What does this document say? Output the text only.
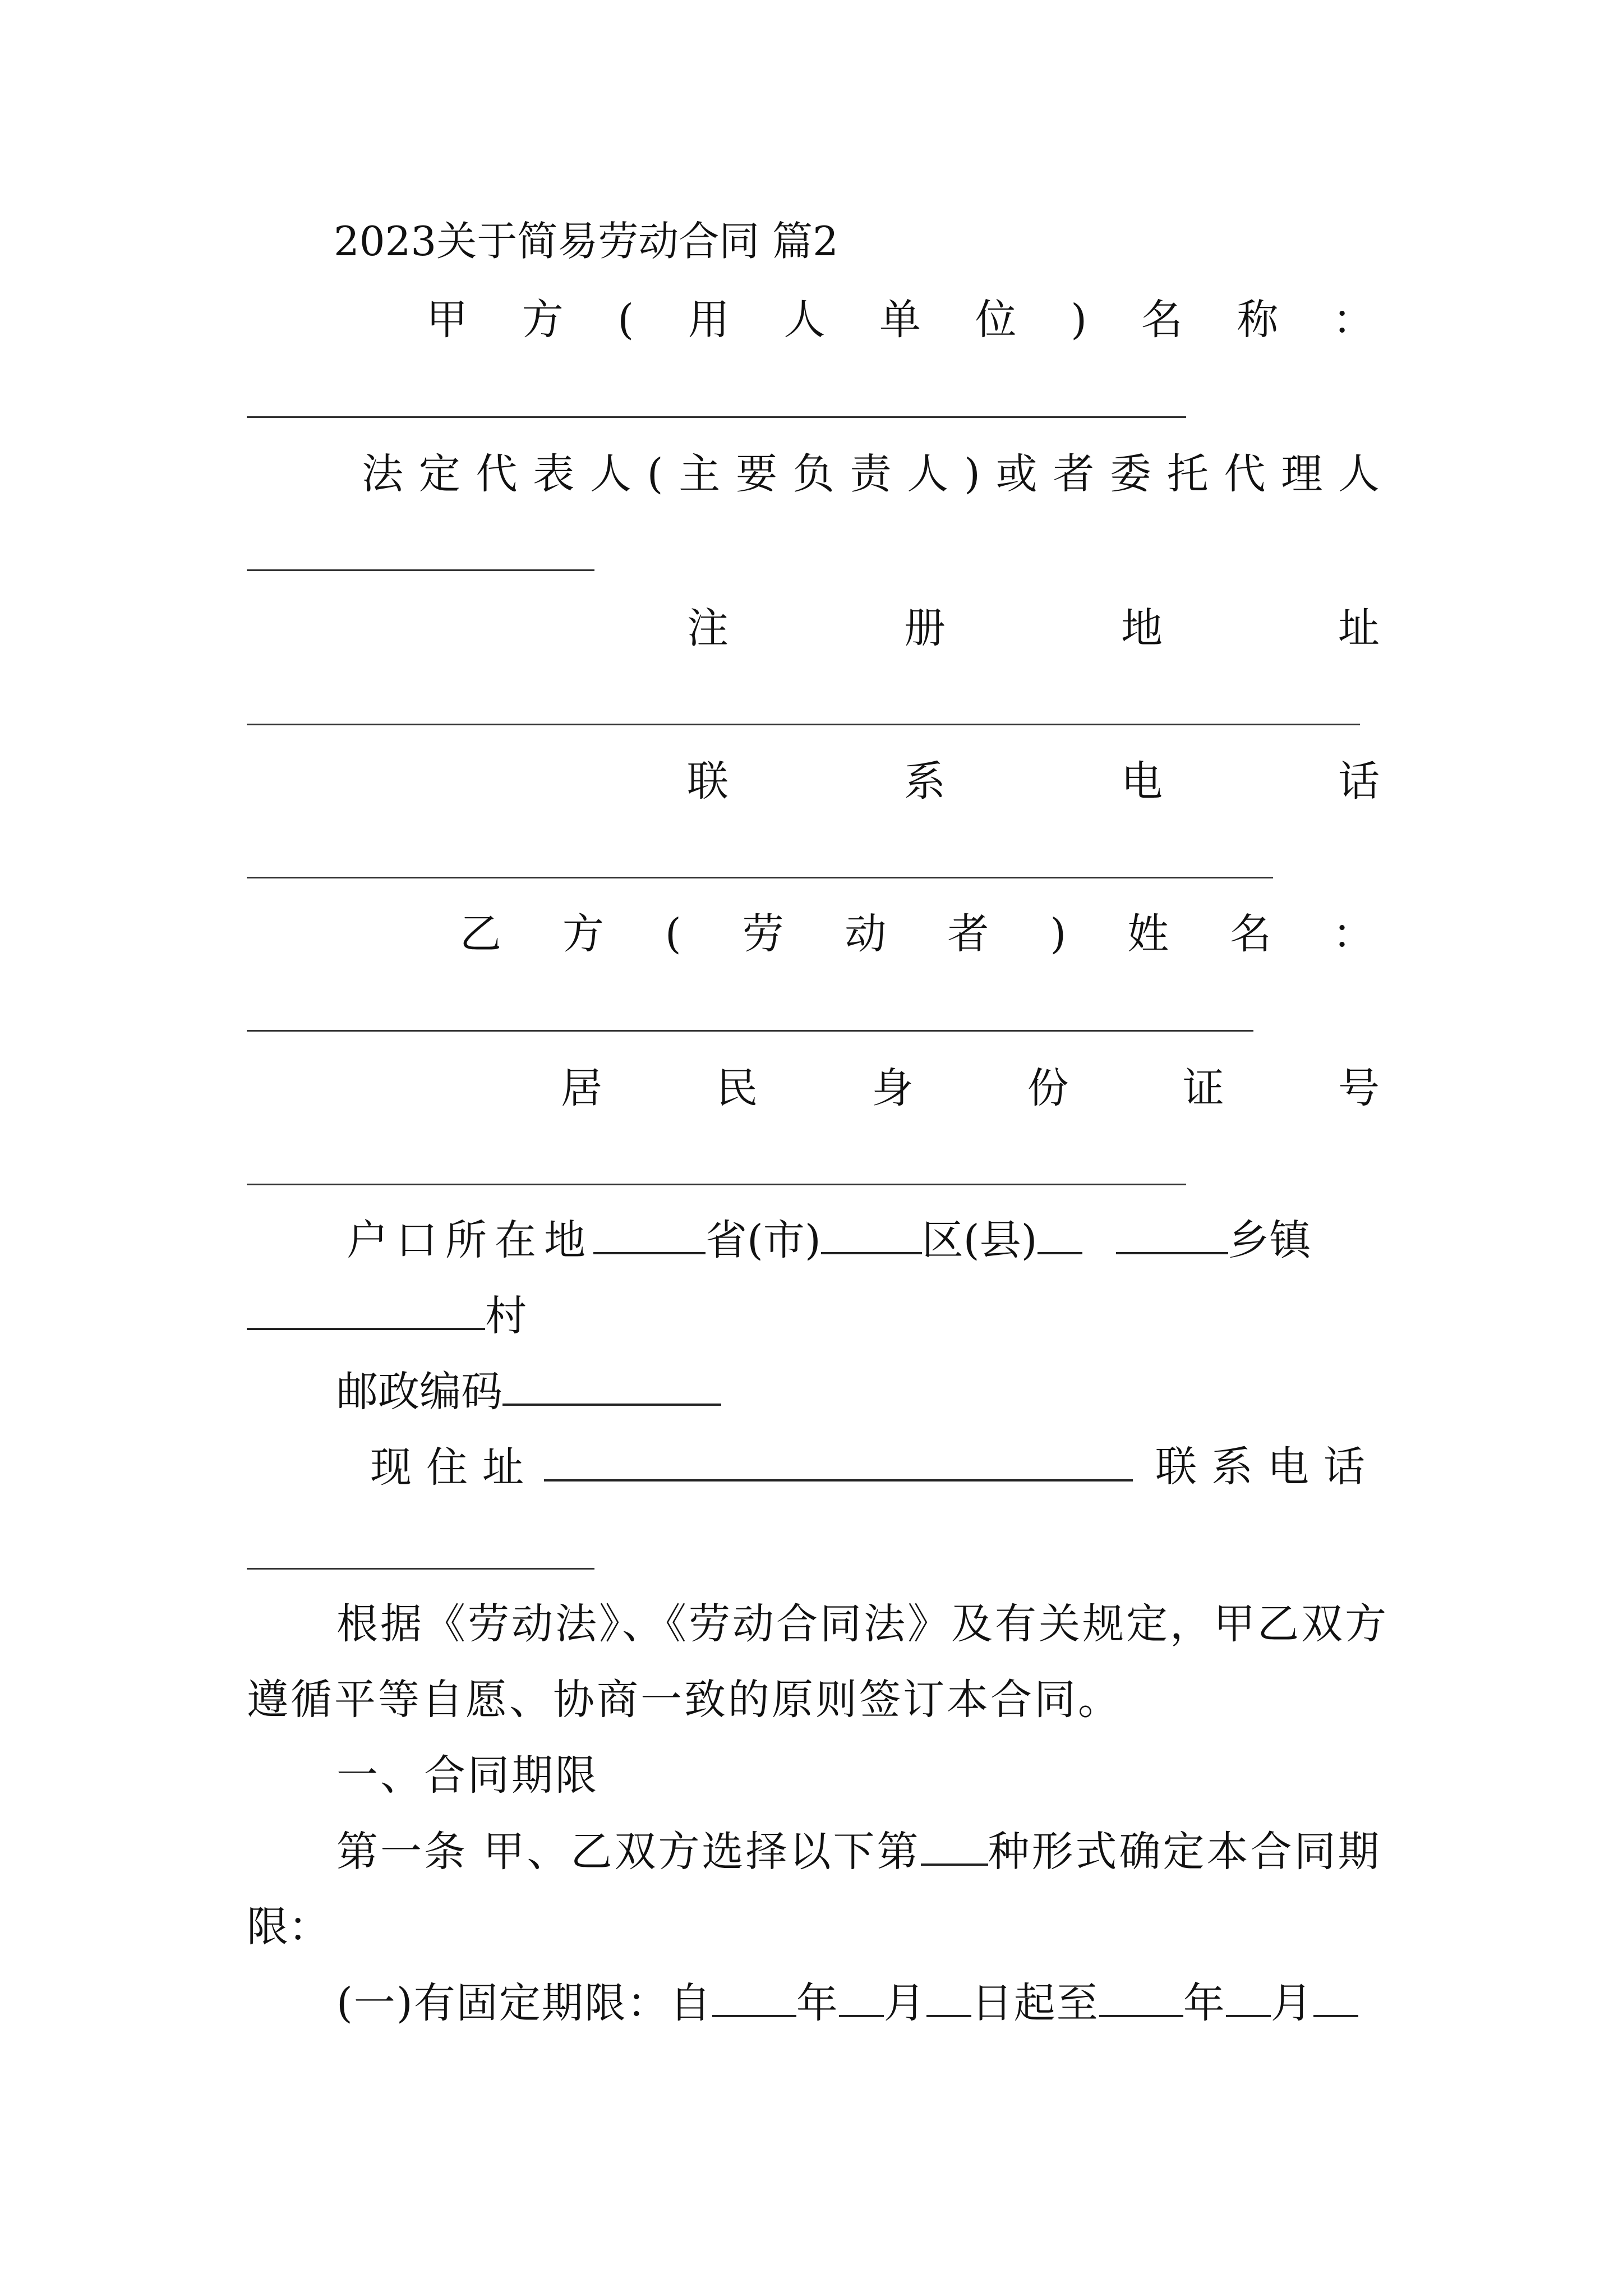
2023关于简易劳动合同 篇2
甲 方 ( 用 人 单 位 ) 名 称 ：
法 定 代 表 人 ( 主 要 负 责 人 ) 或 者 委 托 代 理 人
注	册	地	址
联	系	电	话
乙 方 ( 劳 动 者 ) 姓 名 ：
居	民	身	份	证	号
户口所在地	省(市) 区(县)	乡镇
村
邮政编码
现住址	联系电话
根据《劳动法》、《劳动合同法》及有关规定，甲乙双方
遵循平等自愿、协商一致的原则签订本合同。
一、合同期限
第一条 甲、乙双方选择以下第 种形式确定本合同期
限：
(一)有固定期限：自 年 月 日起至 年 月
